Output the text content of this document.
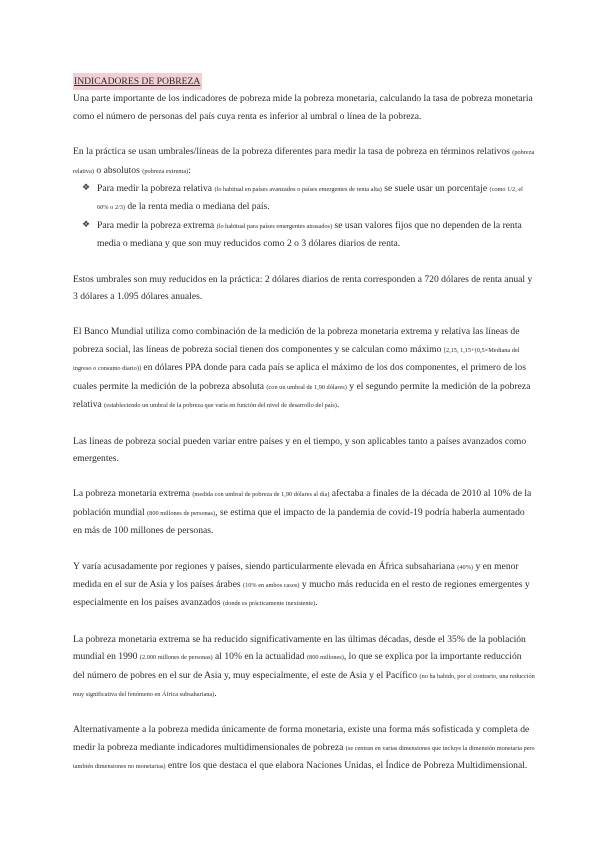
INDICADORES DE POBREZA

Una parte importante de los indicadores de pobreza mide la pobreza monetaria, calculando la tasa de pobreza monetaria como el número de personas del país cuya renta es inferior al umbral o línea de la pobreza.

En la práctica se usan umbrales/líneas de la pobreza diferentes para medir la tasa de pobreza en términos relativos (pobreza relativa) o absolutos (pobreza extrema):

❖ Para medir la pobreza relativa (lo habitual en países avanzados o países emergentes de renta alta) se suele usar un porcentaje (como 1/2, el 60% o 2/3) de la renta media o mediana del país.
❖ Para medir la pobreza extrema (lo habitual para países emergentes atrasados) se usan valores fijos que no dependen de la renta media o mediana y que son muy reducidos como 2 o 3 dólares diarios de renta.

Estos umbrales son muy reducidos en la práctica: 2 dólares diarios de renta corresponden a 720 dólares de renta anual y 3 dólares a 1.095 dólares anuales.

El Banco Mundial utiliza como combinación de la medición de la pobreza monetaria extrema y relativa las líneas de pobreza social, las líneas de pobreza social tienen dos componentes y se calculan como máximo [2,15, 1,15+(0,5×Mediana del ingreso o consumo diario)] en dólares PPA donde para cada país se aplica el máximo de los dos componentes, el primero de los cuales permite la medición de la pobreza absoluta (con un umbral de 1,90 dólares) y el segundo permite la medición de la pobreza relativa (estableciendo un umbral de la pobreza que varía en función del nivel de desarrollo del país).

Las líneas de pobreza social pueden variar entre países y en el tiempo, y son aplicables tanto a países avanzados como emergentes.

La pobreza monetaria extrema (medida con umbral de pobreza de 1,90 dólares al día) afectaba a finales de la década de 2010 al 10% de la población mundial (800 millones de personas), se estima que el impacto de la pandemia de covid-19 podría haberla aumentado en más de 100 millones de personas.

Y varía acusadamente por regiones y países, siendo particularmente elevada en África subsahariana (40%) y en menor medida en el sur de Asia y los países árabes (10% en ambos casos) y mucho más reducida en el resto de regiones emergentes y especialmente en los países avanzados (donde es prácticamente inexistente).

La pobreza monetaria extrema se ha reducido significativamente en las últimas décadas, desde el 35% de la población mundial en 1990 (2.000 millones de personas) al 10% en la actualidad (800 millones), lo que se explica por la importante reducción del número de pobres en el sur de Asia y, muy especialmente, el este de Asia y el Pacífico (no ha habido, por el contrario, una reducción muy significativa del fenómeno en África subsahariana).

Alternativamente a la pobreza medida únicamente de forma monetaria, existe una forma más sofisticada y completa de medir la pobreza mediante indicadores multidimensionales de pobreza (se centran en varias dimensiones que incluye la dimensión monetaria pero también dimensiones no monetarias) entre los que destaca el que elabora Naciones Unidas, el Índice de Pobreza Multidimensional.
